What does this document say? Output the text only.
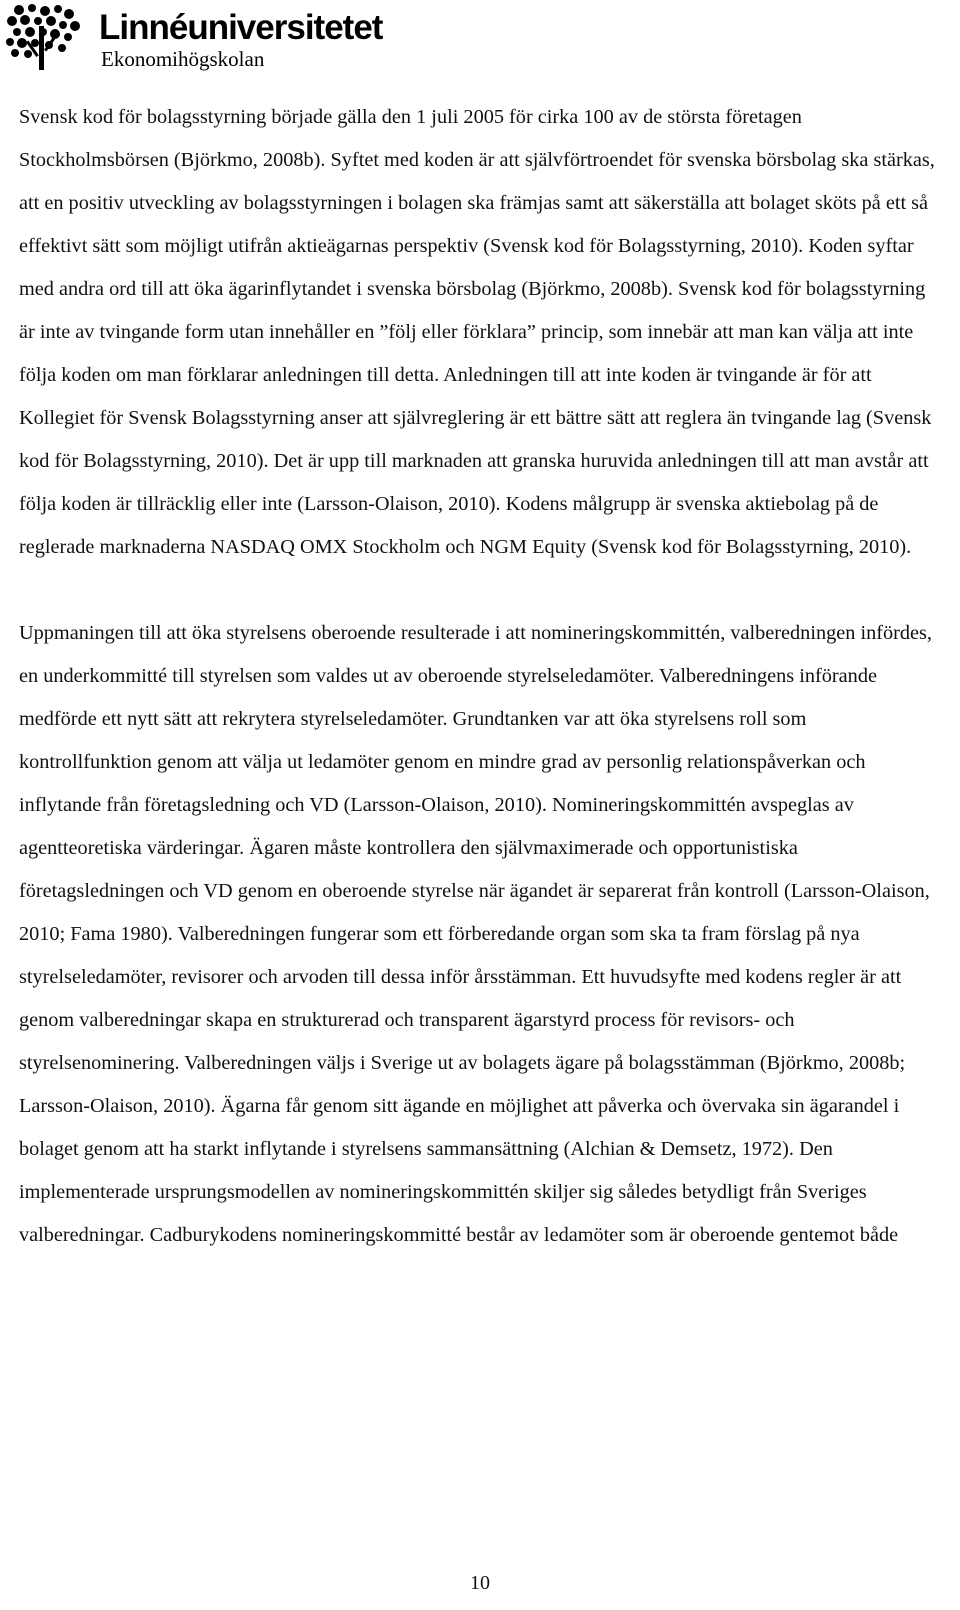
Linnéuniversitetet
Ekonomihögskolan

Svensk kod för bolagsstyrning började gälla den 1 juli 2005 för cirka 100 av de största företagen Stockholmsbörsen (Björkmo, 2008b). Syftet med koden är att självförtroendet för svenska börsbolag ska stärkas, att en positiv utveckling av bolagsstyrningen i bolagen ska främjas samt att säkerställa att bolaget sköts på ett så effektivt sätt som möjligt utifrån aktieägarnas perspektiv (Svensk kod för Bolagsstyrning, 2010). Koden syftar med andra ord till att öka ägarinflytandet i svenska börsbolag (Björkmo, 2008b). Svensk kod för bolagsstyrning är inte av tvingande form utan innehåller en ”följ eller förklara” princip, som innebär att man kan välja att inte följa koden om man förklarar anledningen till detta. Anledningen till att inte koden är tvingande är för att Kollegiet för Svensk Bolagsstyrning anser att självreglering är ett bättre sätt att reglera än tvingande lag (Svensk kod för Bolagsstyrning, 2010). Det är upp till marknaden att granska huruvida anledningen till att man avstår att följa koden är tillräcklig eller inte (Larsson-Olaison, 2010). Kodens målgrupp är svenska aktiebolag på de reglerade marknaderna NASDAQ OMX Stockholm och NGM Equity (Svensk kod för Bolagsstyrning, 2010).

Uppmaningen till att öka styrelsens oberoende resulterade i att nomineringskommittén, valberedningen infördes, en underkommitté till styrelsen som valdes ut av oberoende styrelseledamöter. Valberedningens införande medförde ett nytt sätt att rekrytera styrelseledamöter. Grundtanken var att öka styrelsens roll som kontrollfunktion genom att välja ut ledamöter genom en mindre grad av personlig relationspåverkan och inflytande från företagsledning och VD (Larsson-Olaison, 2010). Nomineringskommittén avspeglas av agentteoretiska värderingar. Ägaren måste kontrollera den självmaximerade och opportunistiska företagsledningen och VD genom en oberoende styrelse när ägandet är separerat från kontroll (Larsson-Olaison, 2010; Fama 1980). Valberedningen fungerar som ett förberedande organ som ska ta fram förslag på nya styrelseledamöter, revisorer och arvoden till dessa inför årsstämman. Ett huvudsyfte med kodens regler är att genom valberedningar skapa en strukturerad och transparent ägarstyrd process för revisors- och styrelsenominering. Valberedningen väljs i Sverige ut av bolagets ägare på bolagsstämman (Björkmo, 2008b; Larsson-Olaison, 2010). Ägarna får genom sitt ägande en möjlighet att påverka och övervaka sin ägarandel i bolaget genom att ha starkt inflytande i styrelsens sammansättning (Alchian & Demsetz, 1972). Den implementerade ursprungsmodellen av nomineringskommittén skiljer sig således betydligt från Sveriges valberedningar. Cadburykodens nomineringskommitté består av ledamöter som är oberoende gentemot både

10
